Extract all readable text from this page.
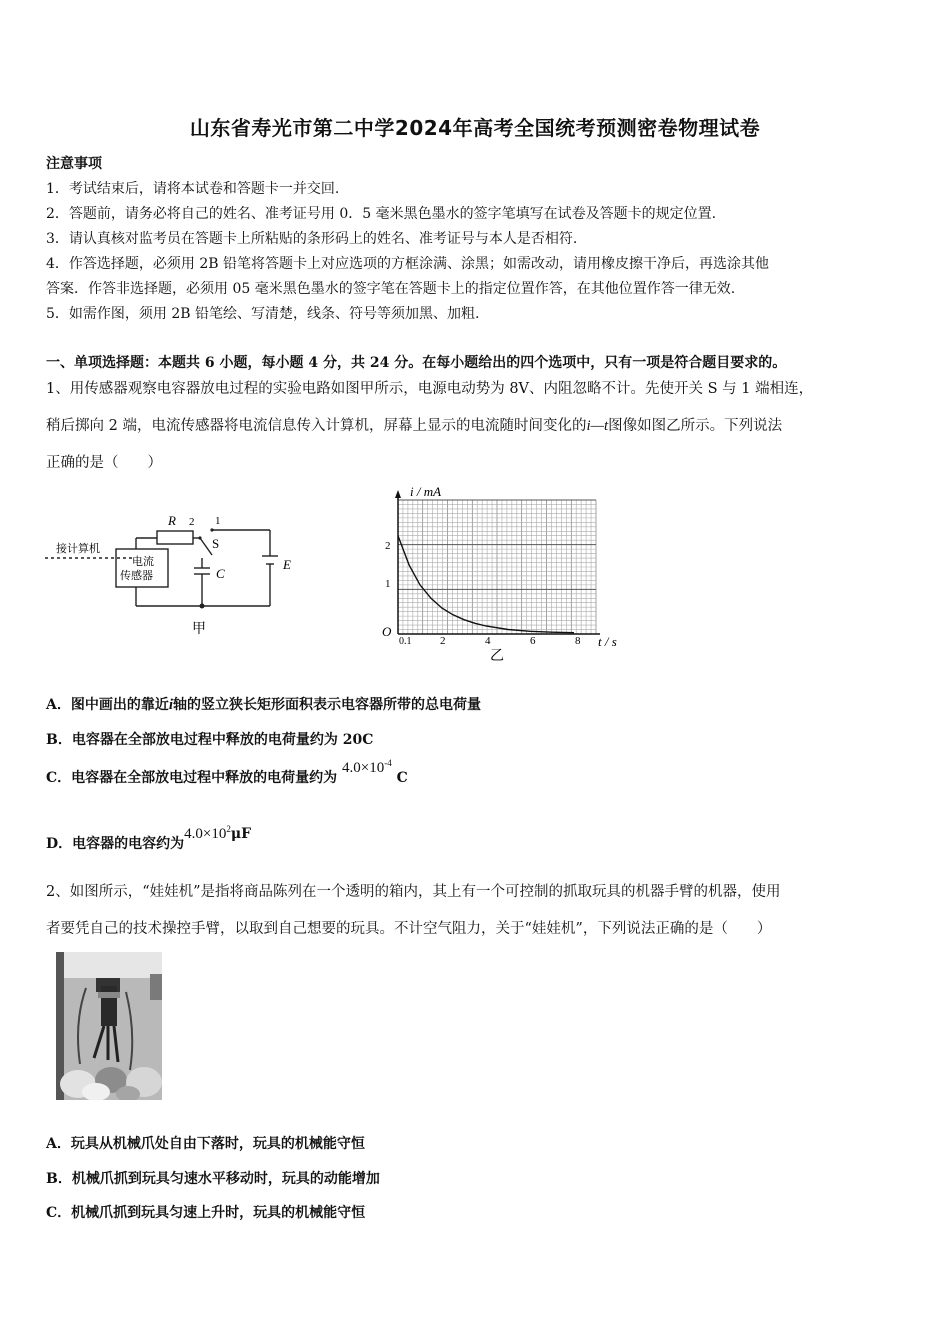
山东省寿光市第二中学2024年高考全国统考预测密卷物理试卷
注意事项
1．考试结束后，请将本试卷和答题卡一并交回.
2．答题前，请务必将自己的姓名、准考证号用 0．5 毫米黑色墨水的签字笔填写在试卷及答题卡的规定位置.
3．请认真核对监考员在答题卡上所粘贴的条形码上的姓名、准考证号与本人是否相符.
4．作答选择题，必须用 2B 铅笔将答题卡上对应选项的方框涂满、涂黑；如需改动，请用橡皮擦干净后，再选涂其他
答案．作答非选择题，必须用 05 毫米黑色墨水的签字笔在答题卡上的指定位置作答，在其他位置作答一律无效.
5．如需作图，须用 2B 铅笔绘、写清楚，线条、符号等须加黑、加粗.
一、单项选择题：本题共 6 小题，每小题 4 分，共 24 分。在每小题给出的四个选项中，只有一项是符合题目要求的。
1、用传感器观察电容器放电过程的实验电路如图甲所示，电源电动势为 8V、内阻忽略不计。先使开关 S 与 1 端相连，
稍后掷向 2 端，电流传感器将电流信息传入计算机，屏幕上显示的电流随时间变化的i—t图像如图乙所示。下列说法
正确的是（　　）
接计算机
电流
传感器
R 2 1
S
C
E
甲
i / mA
t / s
O
2
1
0.1	2	4	6	8
乙
A．图中画出的靠近i轴的竖立狭长矩形面积表示电容器所带的总电荷量
B．电容器在全部放电过程中释放的电荷量约为 20C
C．电容器在全部放电过程中释放的电荷量约为 $4.0\times 10^{-4}$ C
D．电容器的电容约为$4.0\times 10^2\mu F$
2、如图所示，“娃娃机”是指将商品陈列在一个透明的箱内，其上有一个可控制的抓取玩具的机器手臂的机器，使用
者要凭自己的技术操控手臂，以取到自己想要的玩具。不计空气阻力，关于“娃娃机”，下列说法正确的是（　　）
A．玩具从机械爪处自由下落时，玩具的机械能守恒
B．机械爪抓到玩具匀速水平移动时，玩具的动能增加
C．机械爪抓到玩具匀速上升时，玩具的机械能守恒
